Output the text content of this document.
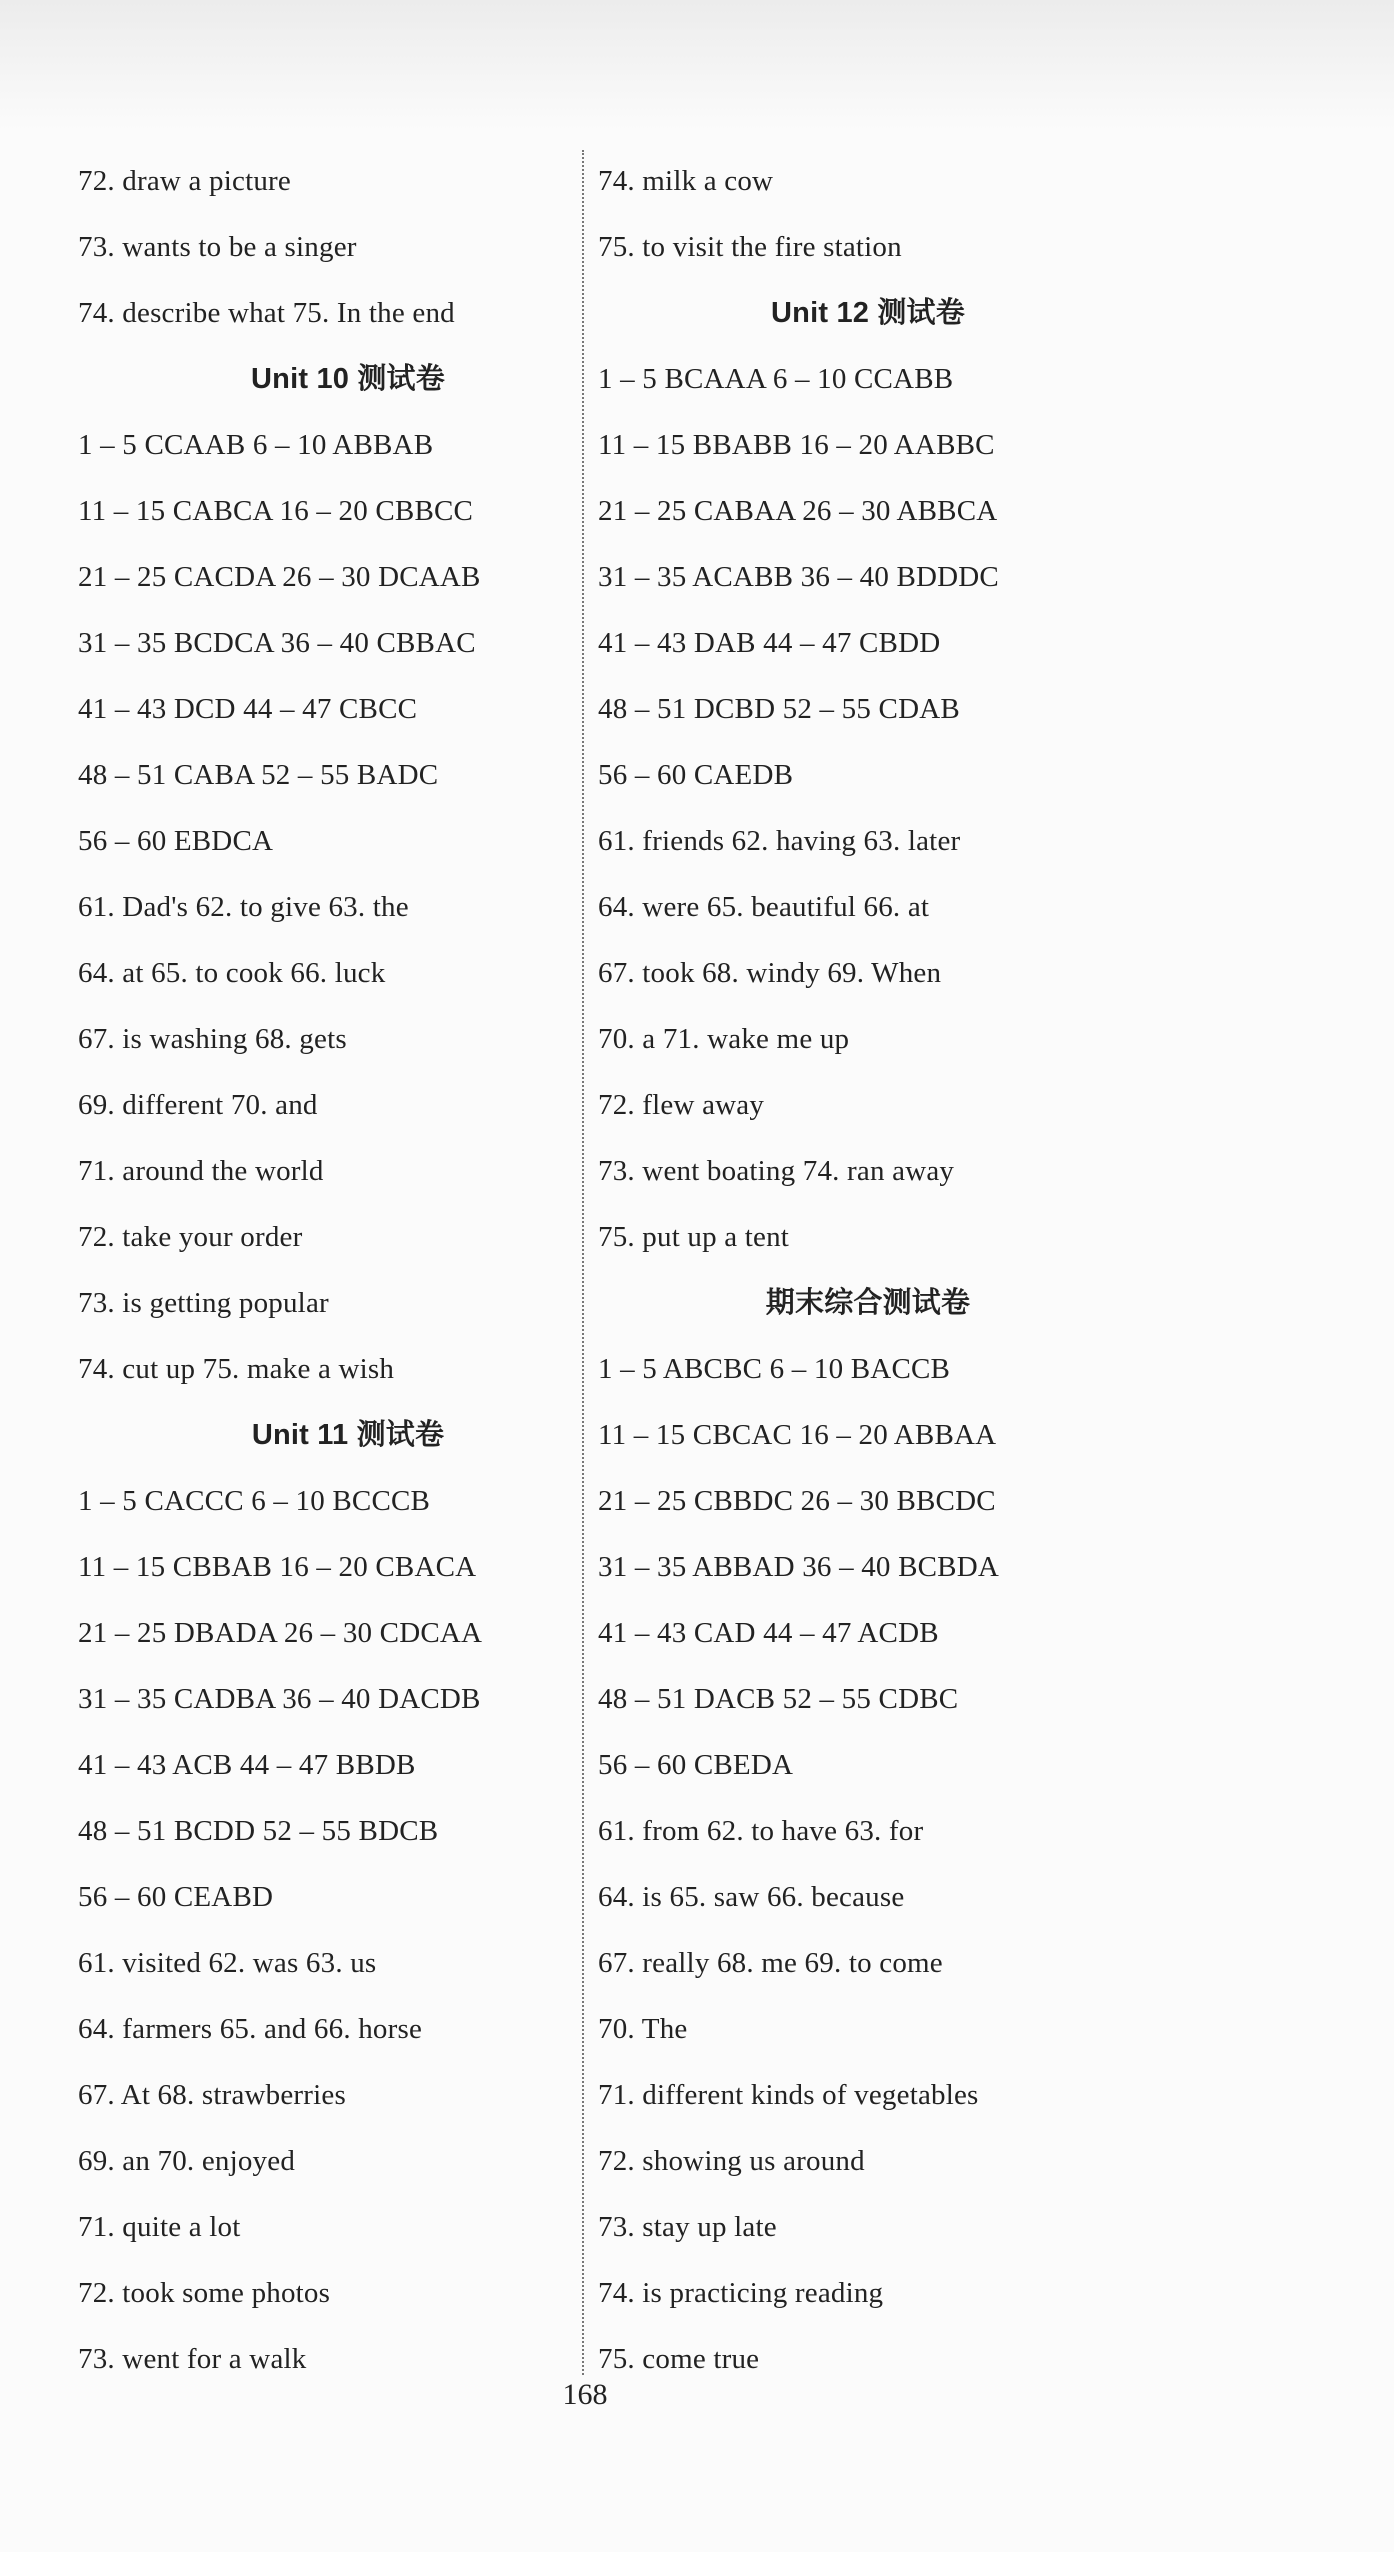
72. draw a picture
73. wants to be a singer
74. describe what 75. In the end
Unit 10 测试卷
1 – 5 CCAAB 6 – 10 ABBAB
11 – 15 CABCA 16 – 20 CBBCC
21 – 25 CACDA 26 – 30 DCAAB
31 – 35 BCDCA 36 – 40 CBBAC
41 – 43 DCD 44 – 47 CBCC
48 – 51 CABA 52 – 55 BADC
56 – 60 EBDCA
61. Dad's 62. to give 63. the
64. at 65. to cook 66. luck
67. is washing 68. gets
69. different 70. and
71. around the world
72. take your order
73. is getting popular
74. cut up 75. make a wish
Unit 11 测试卷
1 – 5 CACCC 6 – 10 BCCCB
11 – 15 CBBAB 16 – 20 CBACA
21 – 25 DBADA 26 – 30 CDCAA
31 – 35 CADBA 36 – 40 DACDB
41 – 43 ACB 44 – 47 BBDB
48 – 51 BCDD 52 – 55 BDCB
56 – 60 CEABD
61. visited 62. was 63. us
64. farmers 65. and 66. horse
67. At 68. strawberries
69. an 70. enjoyed
71. quite a lot
72. took some photos
73. went for a walk
74. milk a cow
75. to visit the fire station
Unit 12 测试卷
1 – 5 BCAAA 6 – 10 CCABB
11 – 15 BBABB 16 – 20 AABBC
21 – 25 CABAA 26 – 30 ABBCA
31 – 35 ACABB 36 – 40 BDDDC
41 – 43 DAB 44 – 47 CBDD
48 – 51 DCBD 52 – 55 CDAB
56 – 60 CAEDB
61. friends 62. having 63. later
64. were 65. beautiful 66. at
67. took 68. windy 69. When
70. a 71. wake me up
72. flew away
73. went boating 74. ran away
75. put up a tent
期末综合测试卷
1 – 5 ABCBC 6 – 10 BACCB
11 – 15 CBCAC 16 – 20 ABBAA
21 – 25 CBBDC 26 – 30 BBCDC
31 – 35 ABBAD 36 – 40 BCBDA
41 – 43 CAD 44 – 47 ACDB
48 – 51 DACB 52 – 55 CDBC
56 – 60 CBEDA
61. from 62. to have 63. for
64. is 65. saw 66. because
67. really 68. me 69. to come
70. The
71. different kinds of vegetables
72. showing us around
73. stay up late
74. is practicing reading
75. come true
168
